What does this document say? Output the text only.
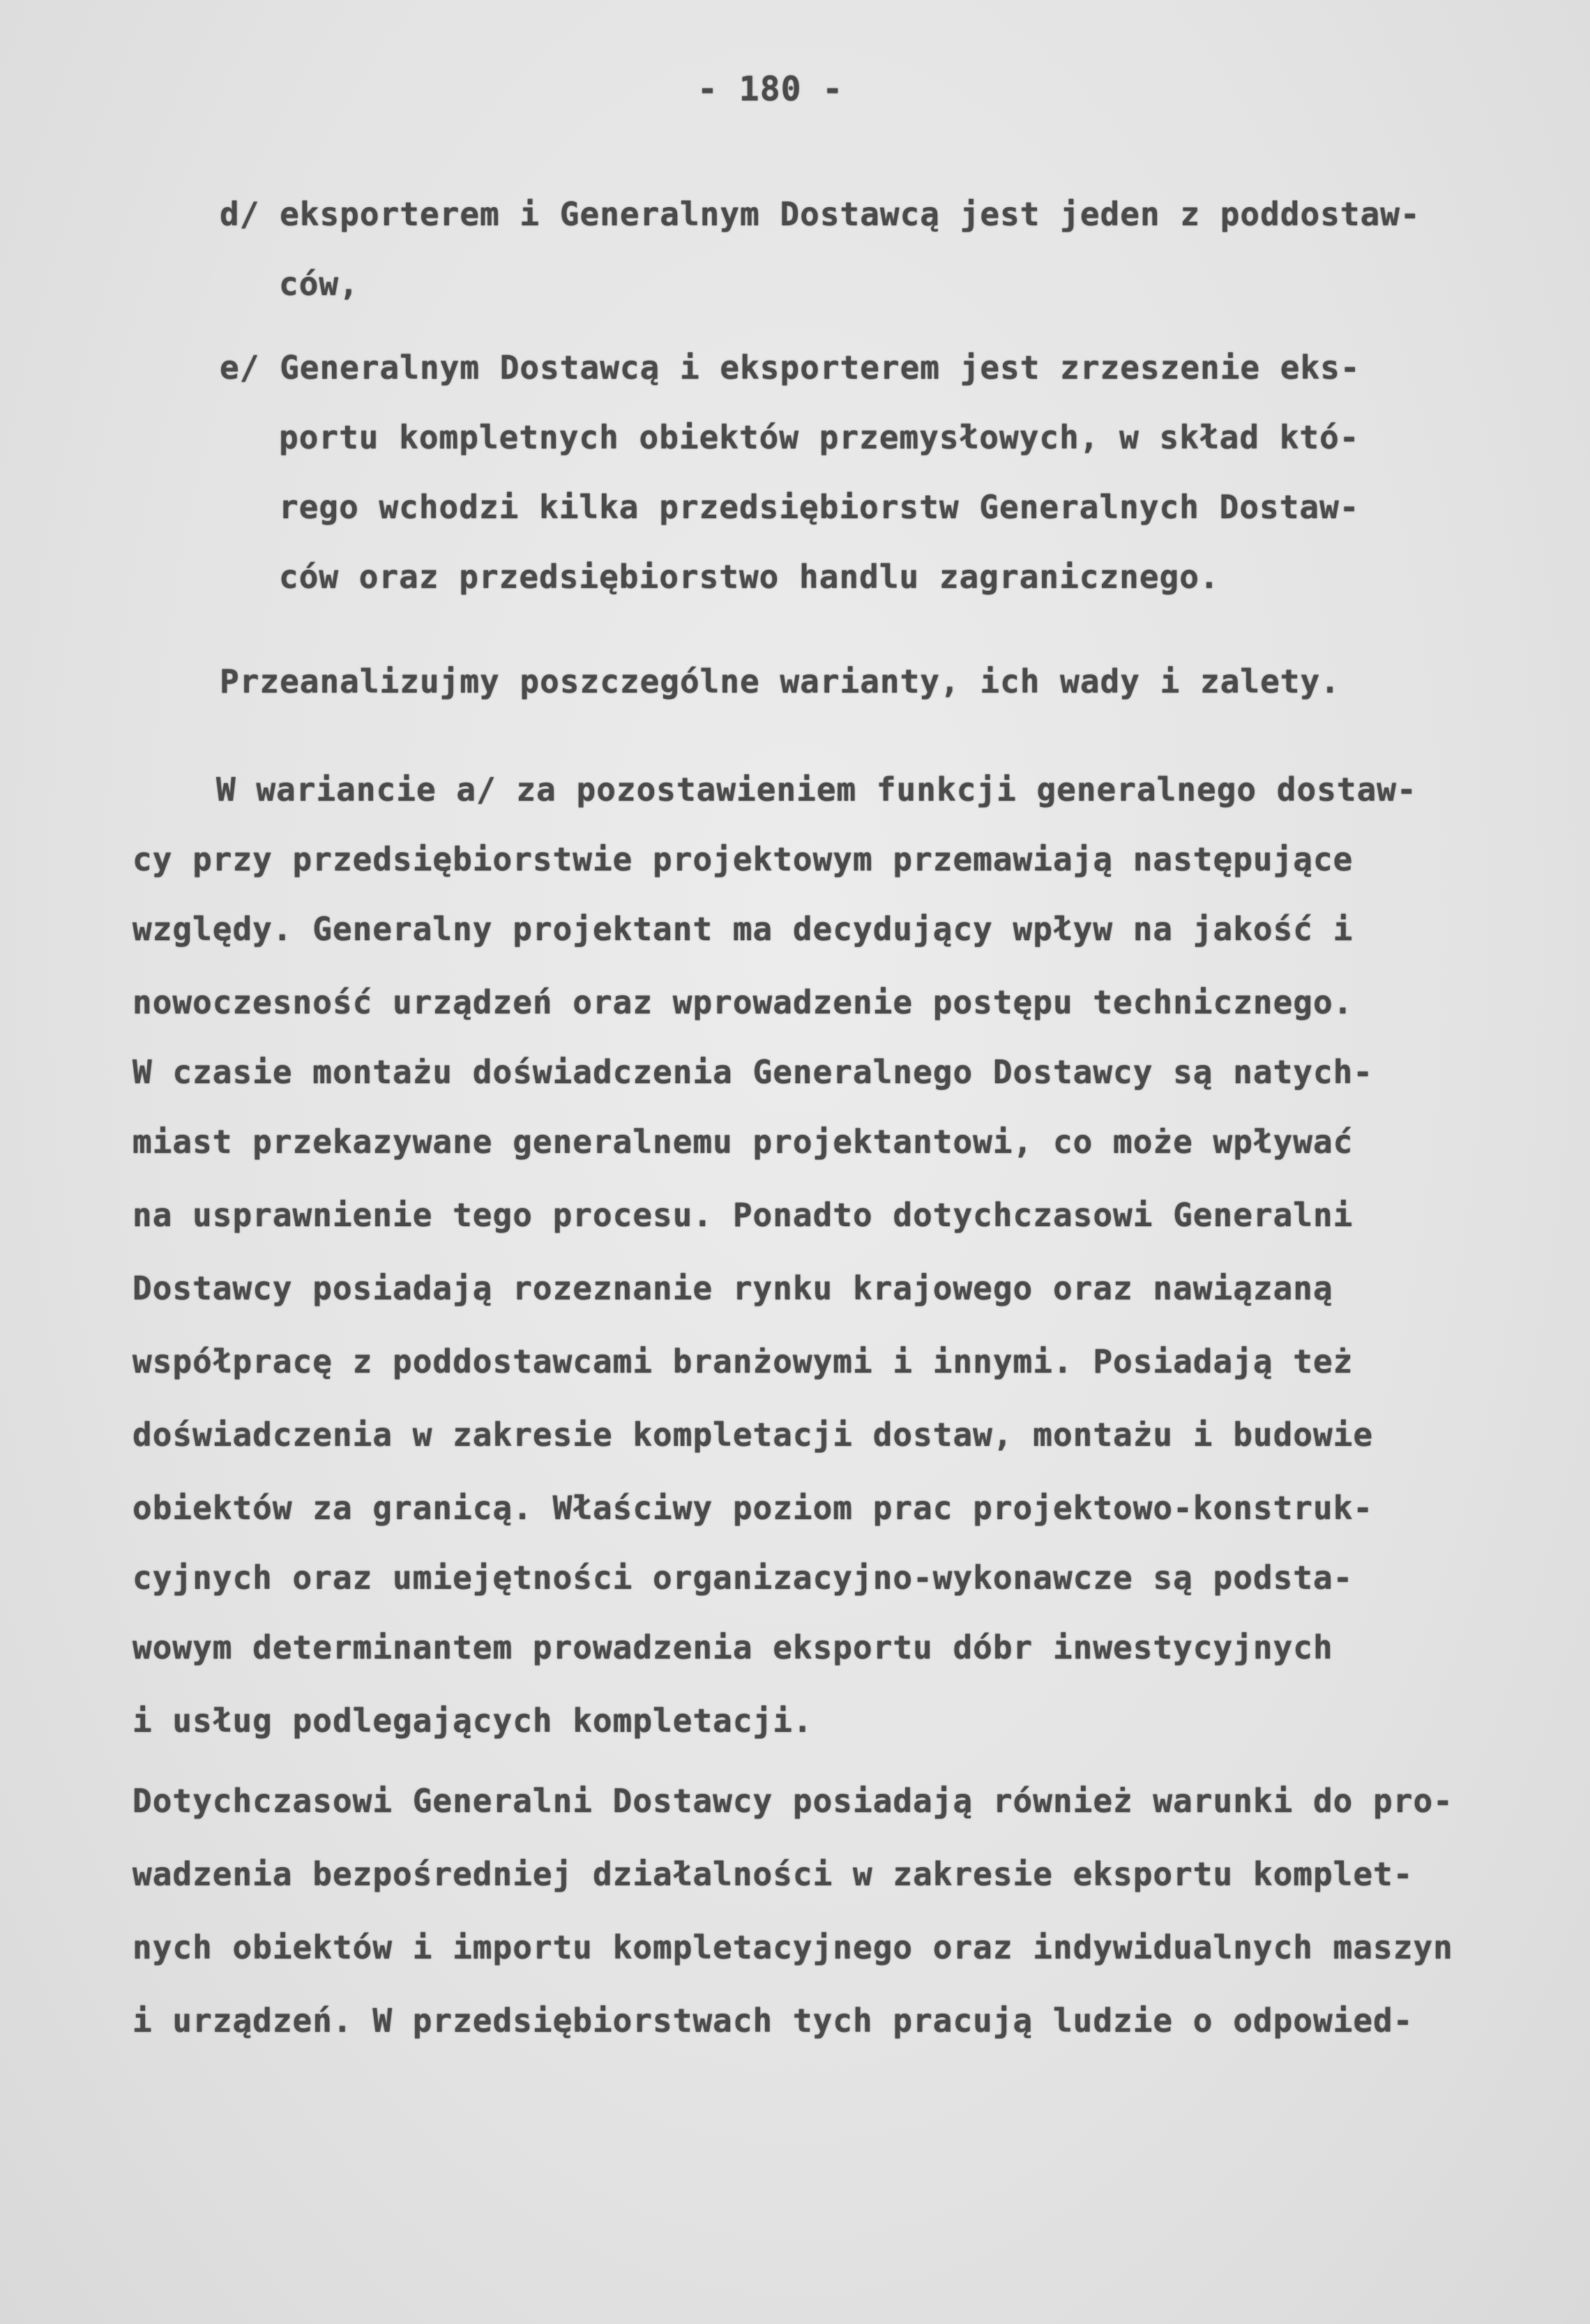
- 180 -
d/ eksporterem i Generalnym Dostawcą jest jeden z poddostaw-
ców,
e/ Generalnym Dostawcą i eksporterem jest zrzeszenie eks-
portu kompletnych obiektów przemysłowych, w skład któ-
rego wchodzi kilka przedsiębiorstw Generalnych Dostaw-
ców oraz przedsiębiorstwo handlu zagranicznego.
Przeanalizujmy poszczególne warianty, ich wady i zalety.
W wariancie a/ za pozostawieniem funkcji generalnego dostaw-
cy przy przedsiębiorstwie projektowym przemawiają następujące
względy. Generalny projektant ma decydujący wpływ na jakość i
nowoczesność urządzeń oraz wprowadzenie postępu technicznego.
W czasie montażu doświadczenia Generalnego Dostawcy są natych-
miast przekazywane generalnemu projektantowi, co może wpływać
na usprawnienie tego procesu. Ponadto dotychczasowi Generalni
Dostawcy posiadają rozeznanie rynku krajowego oraz nawiązaną
współpracę z poddostawcami branżowymi i innymi. Posiadają też
doświadczenia w zakresie kompletacji dostaw, montażu i budowie
obiektów za granicą. Właściwy poziom prac projektowo-konstruk-
cyjnych oraz umiejętności organizacyjno-wykonawcze są podsta-
wowym determinantem prowadzenia eksportu dóbr inwestycyjnych
i usług podlegających kompletacji.
Dotychczasowi Generalni Dostawcy posiadają również warunki do pro-
wadzenia bezpośredniej działalności w zakresie eksportu komplet-
nych obiektów i importu kompletacyjnego oraz indywidualnych maszyn
i urządzeń. W przedsiębiorstwach tych pracują ludzie o odpowied-
